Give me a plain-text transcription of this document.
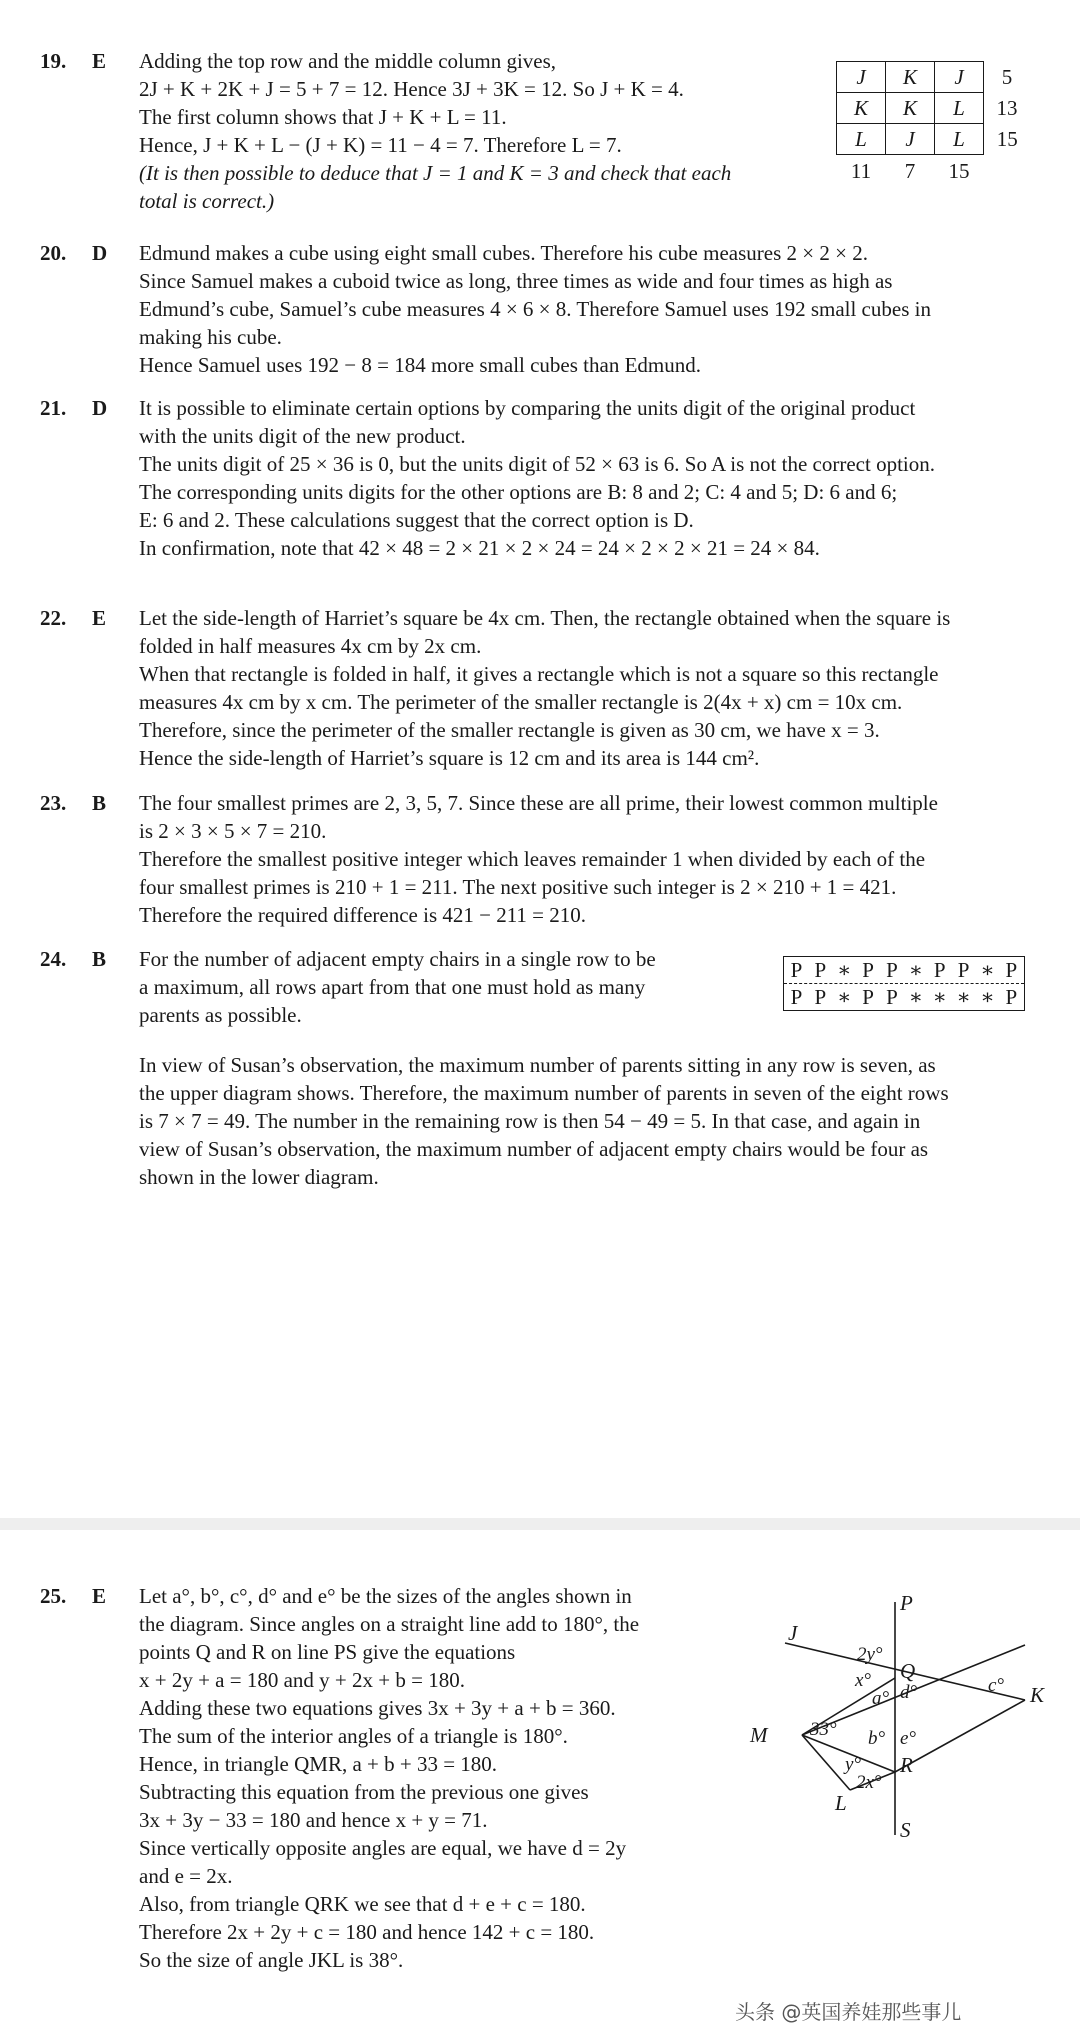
19. E Adding the top row and the middle column gives,
2J + K + 2K + J = 5 + 7 = 12. Hence 3J + 3K = 12. So J + K = 4.
The first column shows that J + K + L = 11.
Hence, J + K + L − (J + K) = 11 − 4 = 7. Therefore L = 7.
(It is then possible to deduce that J = 1 and K = 3 and check that each
total is correct.)
J	K	J	5
K	K	L	13
L	J	L	15
11	7	15	
20. D Edmund makes a cube using eight small cubes. Therefore his cube measures 2 × 2 × 2.
Since Samuel makes a cuboid twice as long, three times as wide and four times as high as
Edmund’s cube, Samuel’s cube measures 4 × 6 × 8. Therefore Samuel uses 192 small cubes in
making his cube.
Hence Samuel uses 192 − 8 = 184 more small cubes than Edmund.
21. D It is possible to eliminate certain options by comparing the units digit of the original product
with the units digit of the new product.
The units digit of 25 × 36 is 0, but the units digit of 52 × 63 is 6. So A is not the correct option.
The corresponding units digits for the other options are B: 8 and 2; C: 4 and 5; D: 6 and 6;
E: 6 and 2. These calculations suggest that the correct option is D.
In confirmation, note that 42 × 48 = 2 × 21 × 2 × 24 = 24 × 2 × 2 × 21 = 24 × 84.
22. E Let the side-length of Harriet’s square be 4x cm. Then, the rectangle obtained when the square is
folded in half measures 4x cm by 2x cm.
When that rectangle is folded in half, it gives a rectangle which is not a square so this rectangle
measures 4x cm by x cm. The perimeter of the smaller rectangle is 2(4x + x) cm = 10x cm.
Therefore, since the perimeter of the smaller rectangle is given as 30 cm, we have x = 3.
Hence the side-length of Harriet’s square is 12 cm and its area is 144 cm².
23. B The four smallest primes are 2, 3, 5, 7. Since these are all prime, their lowest common multiple
is 2 × 3 × 5 × 7 = 210.
Therefore the smallest positive integer which leaves remainder 1 when divided by each of the
four smallest primes is 210 + 1 = 211. The next positive such integer is 2 × 210 + 1 = 421.
Therefore the required difference is 421 − 211 = 210.
24. B For the number of adjacent empty chairs in a single row to be
a maximum, all rows apart from that one must hold as many
parents as possible.
In view of Susan’s observation, the maximum number of parents sitting in any row is seven, as
the upper diagram shows. Therefore, the maximum number of parents in seven of the eight rows
is 7 × 7 = 49. The number in the remaining row is then 54 − 49 = 5. In that case, and again in
view of Susan’s observation, the maximum number of adjacent empty chairs would be four as
shown in the lower diagram.
P P ∗ P P ∗ P P ∗ P
P P ∗ P P ∗ ∗ ∗ ∗ P
25. E Let a°, b°, c°, d° and e° be the sizes of the angles shown in
the diagram. Since angles on a straight line add to 180°, the
points Q and R on line PS give the equations
x + 2y + a = 180 and y + 2x + b = 180.
Adding these two equations gives 3x + 3y + a + b = 360.
The sum of the interior angles of a triangle is 180°.
Hence, in triangle QMR, a + b + 33 = 180.
Subtracting this equation from the previous one gives
3x + 3y − 33 = 180 and hence x + y = 71.
Since vertically opposite angles are equal, we have d = 2y
and e = 2x.
Also, from triangle QRK we see that d + e + c = 180.
Therefore 2x + 2y + c = 180 and hence 142 + c = 180.
So the size of angle JKL is 38°.
P
J
Q
K
M
R
L
S
2y°
x°
a° d°	c°
33° b° e°
y°
2x°
头条 @英国养娃那些事儿
